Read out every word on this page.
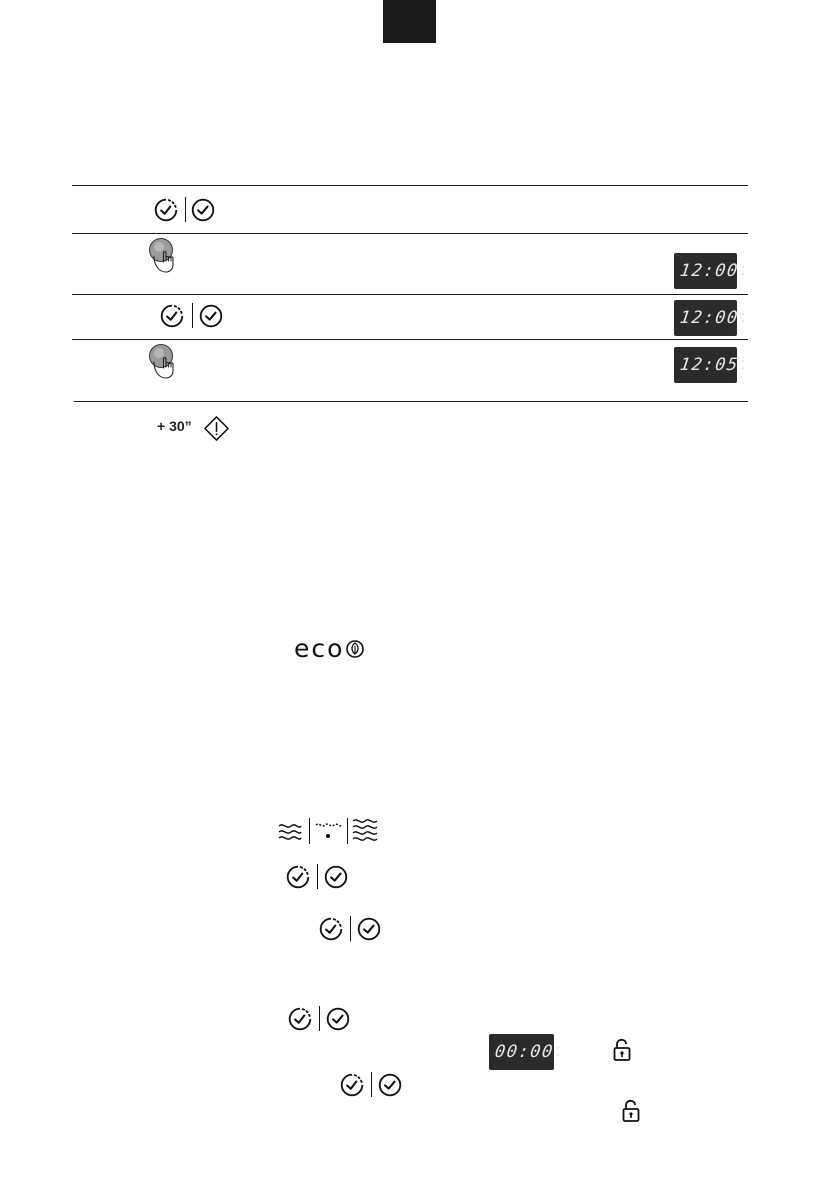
12:00 ·
·
12:00 ·
·
12:05 ·
·
+ 30”
eco
00:00 ·
·
